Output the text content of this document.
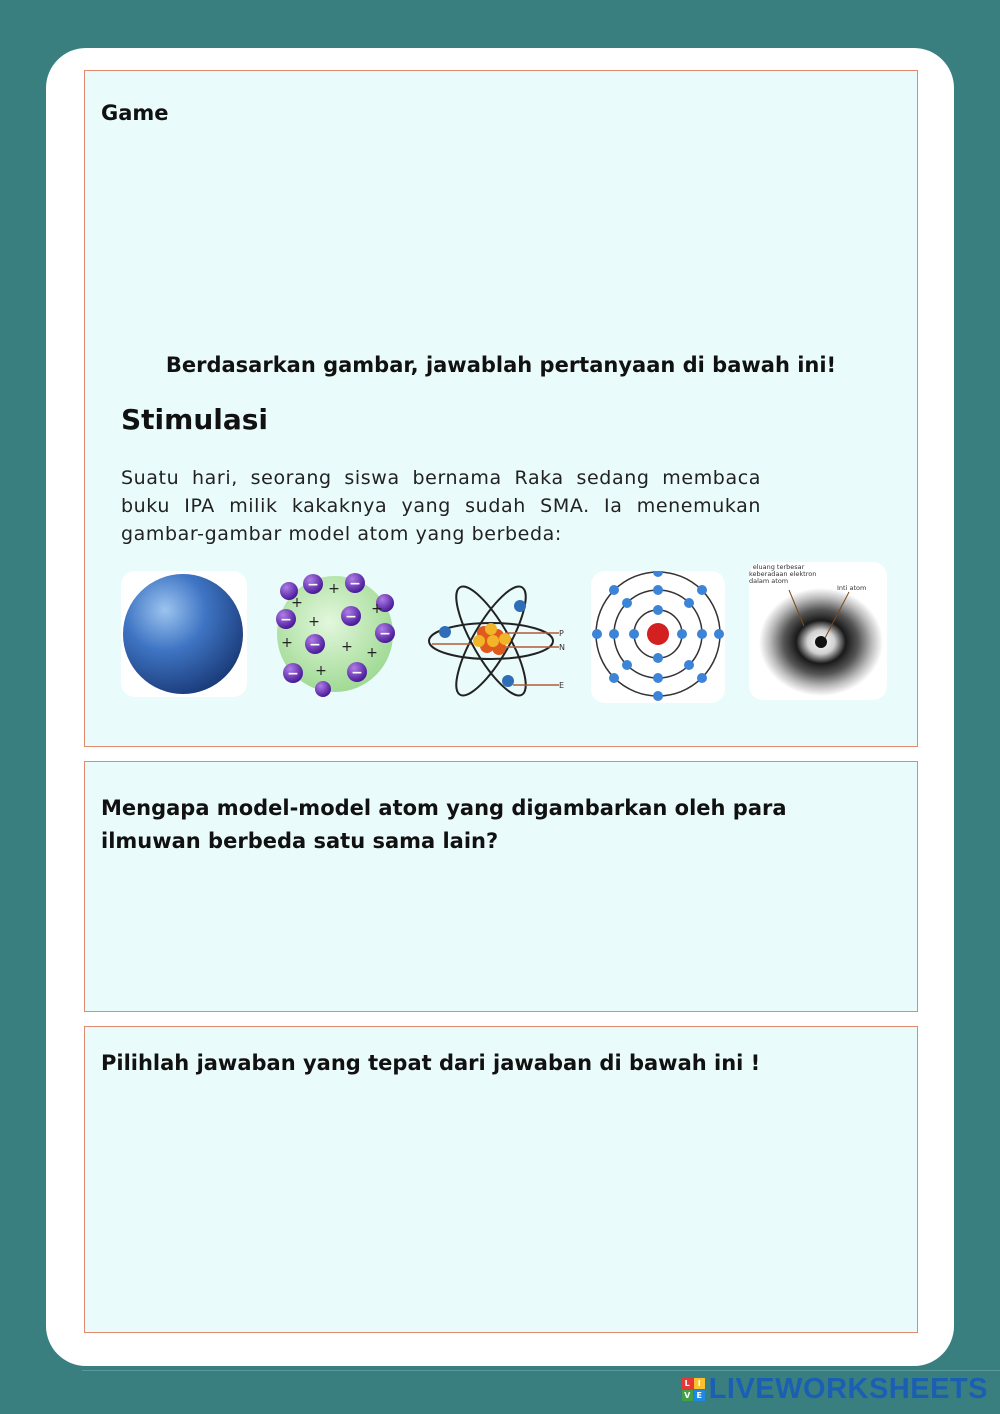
Game
Berdasarkan gambar, jawablah pertanyaan di bawah ini!
Stimulasi
Suatu hari, seorang siswa bernama Raka sedang membaca buku IPA milik kakaknya yang sudah SMA. Ia menemukan gambar-gambar model atom yang berbeda:
− −
−	−
−
−
−	−
+
+
+
+
+	+ +
+
P
N
E
Peluang terbesar keberadaan elektron dalam atom
Inti atom
Mengapa model-model atom yang digambarkan oleh para ilmuwan berbeda satu sama lain?
Pilihlah jawaban yang tepat dari jawaban di bawah ini !
L I
V E LIVEWORKSHEETS
